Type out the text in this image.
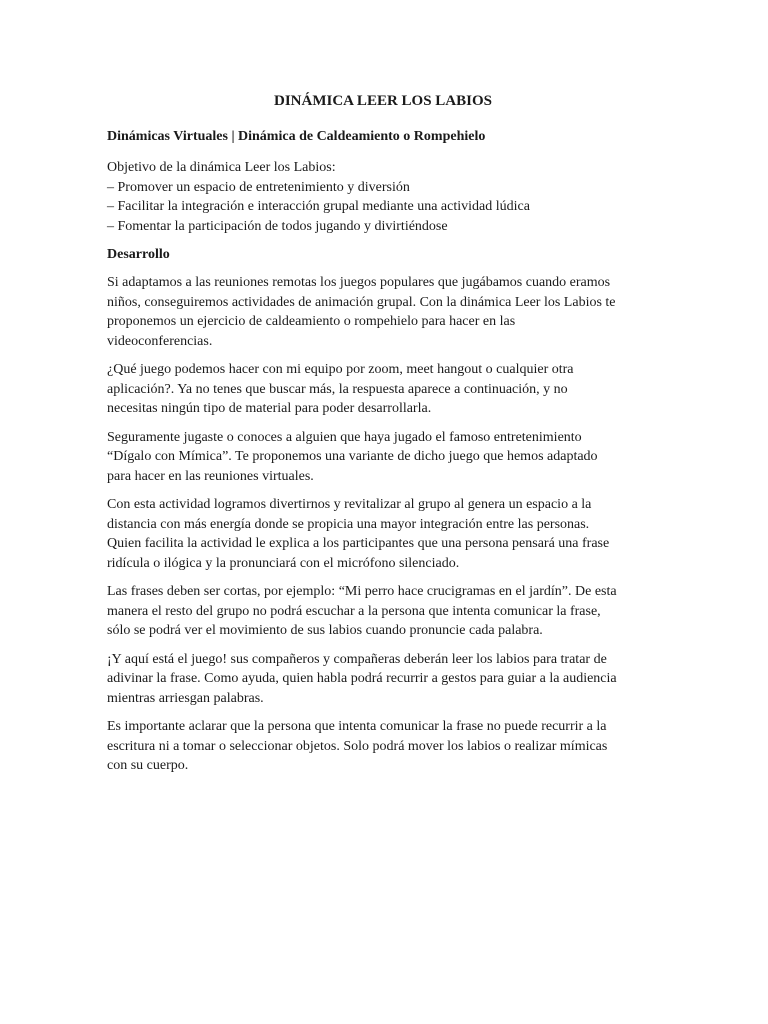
DINÁMICA LEER LOS LABIOS
Dinámicas Virtuales | Dinámica de Caldeamiento o Rompehielo
Objetivo de la dinámica Leer los Labios:
– Promover un espacio de entretenimiento y diversión
– Facilitar la integración e interacción grupal mediante una actividad lúdica
– Fomentar la participación de todos jugando y divirtiéndose
Desarrollo
Si adaptamos a las reuniones remotas los juegos populares que jugábamos cuando eramos
niños, conseguiremos actividades de animación grupal. Con la dinámica Leer los Labios te
proponemos un ejercicio de caldeamiento o rompehielo para hacer en las
videoconferencias.
¿Qué juego podemos hacer con mi equipo por zoom, meet hangout o cualquier otra
aplicación?. Ya no tenes que buscar más, la respuesta aparece a continuación, y no
necesitas ningún tipo de material para poder desarrollarla.
Seguramente jugaste o conoces a alguien que haya jugado el famoso entretenimiento
“Dígalo con Mímica”. Te proponemos una variante de dicho juego que hemos adaptado
para hacer en las reuniones virtuales.
Con esta actividad logramos divertirnos y revitalizar al grupo al genera un espacio a la
distancia con más energía donde se propicia una mayor integración entre las personas.
Quien facilita la actividad le explica a los participantes que una persona pensará una frase
ridícula o ilógica y la pronunciará con el micrófono silenciado.
Las frases deben ser cortas, por ejemplo: “Mi perro hace crucigramas en el jardín”. De esta
manera el resto del grupo no podrá escuchar a la persona que intenta comunicar la frase,
sólo se podrá ver el movimiento de sus labios cuando pronuncie cada palabra.
¡Y aquí está el juego! sus compañeros y compañeras deberán leer los labios para tratar de
adivinar la frase. Como ayuda, quien habla podrá recurrir a gestos para guiar a la audiencia
mientras arriesgan palabras.
Es importante aclarar que la persona que intenta comunicar la frase no puede recurrir a la
escritura ni a tomar o seleccionar objetos. Solo podrá mover los labios o realizar mímicas
con su cuerpo.
